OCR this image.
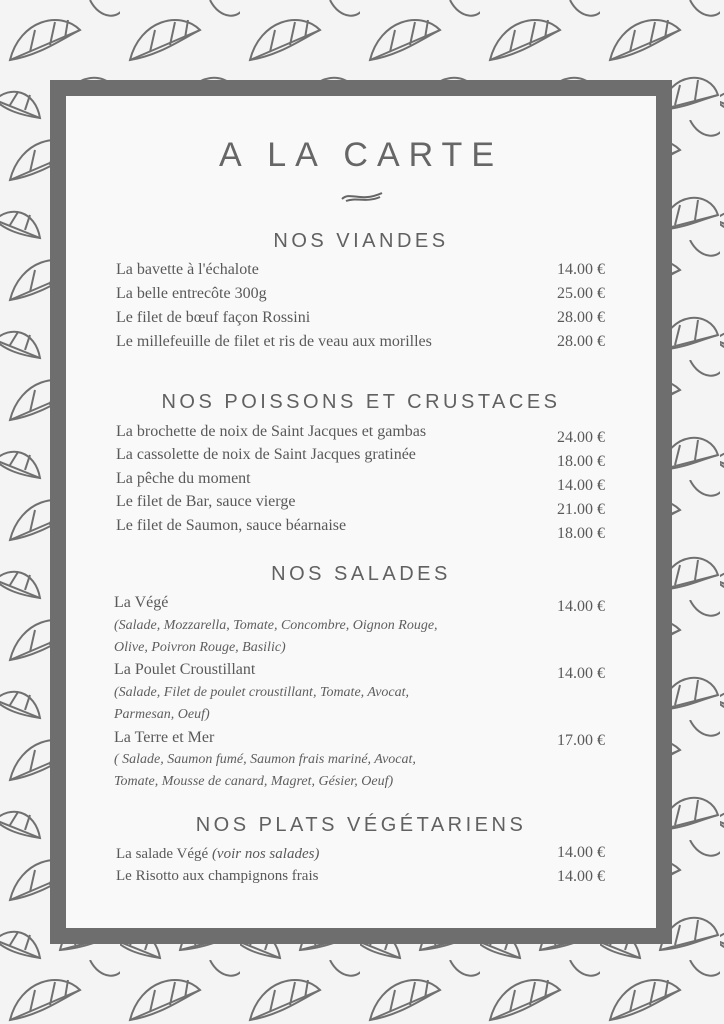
A LA CARTE
NOS VIANDES
La bavette à l'échalote	14.00 €
La belle entrecôte 300g	25.00 €
Le filet de bœuf façon Rossini	28.00 €
Le millefeuille de filet et ris de veau aux morilles	28.00 €
NOS POISSONS ET CRUSTACES
La brochette de noix de Saint Jacques et gambas	24.00 €
La cassolette de noix de Saint Jacques gratinée	18.00 €
La pêche du moment	14.00 €
Le filet de Bar, sauce vierge	21.00 €
Le filet de Saumon, sauce béarnaise	18.00 €
NOS SALADES
La Végé	14.00 €
(Salade, Mozzarella, Tomate, Concombre, Oignon Rouge,
Olive, Poivron Rouge, Basilic)
La Poulet Croustillant	14.00 €
(Salade, Filet de poulet croustillant, Tomate, Avocat,
Parmesan, Oeuf)
La Terre et Mer	17.00 €
( Salade, Saumon fumé, Saumon frais mariné, Avocat,
Tomate, Mousse de canard, Magret, Gésier, Oeuf)
NOS PLATS VÉGÉTARIENS
La salade Végé (voir nos salades)	14.00 €
Le Risotto aux champignons frais	14.00 €
